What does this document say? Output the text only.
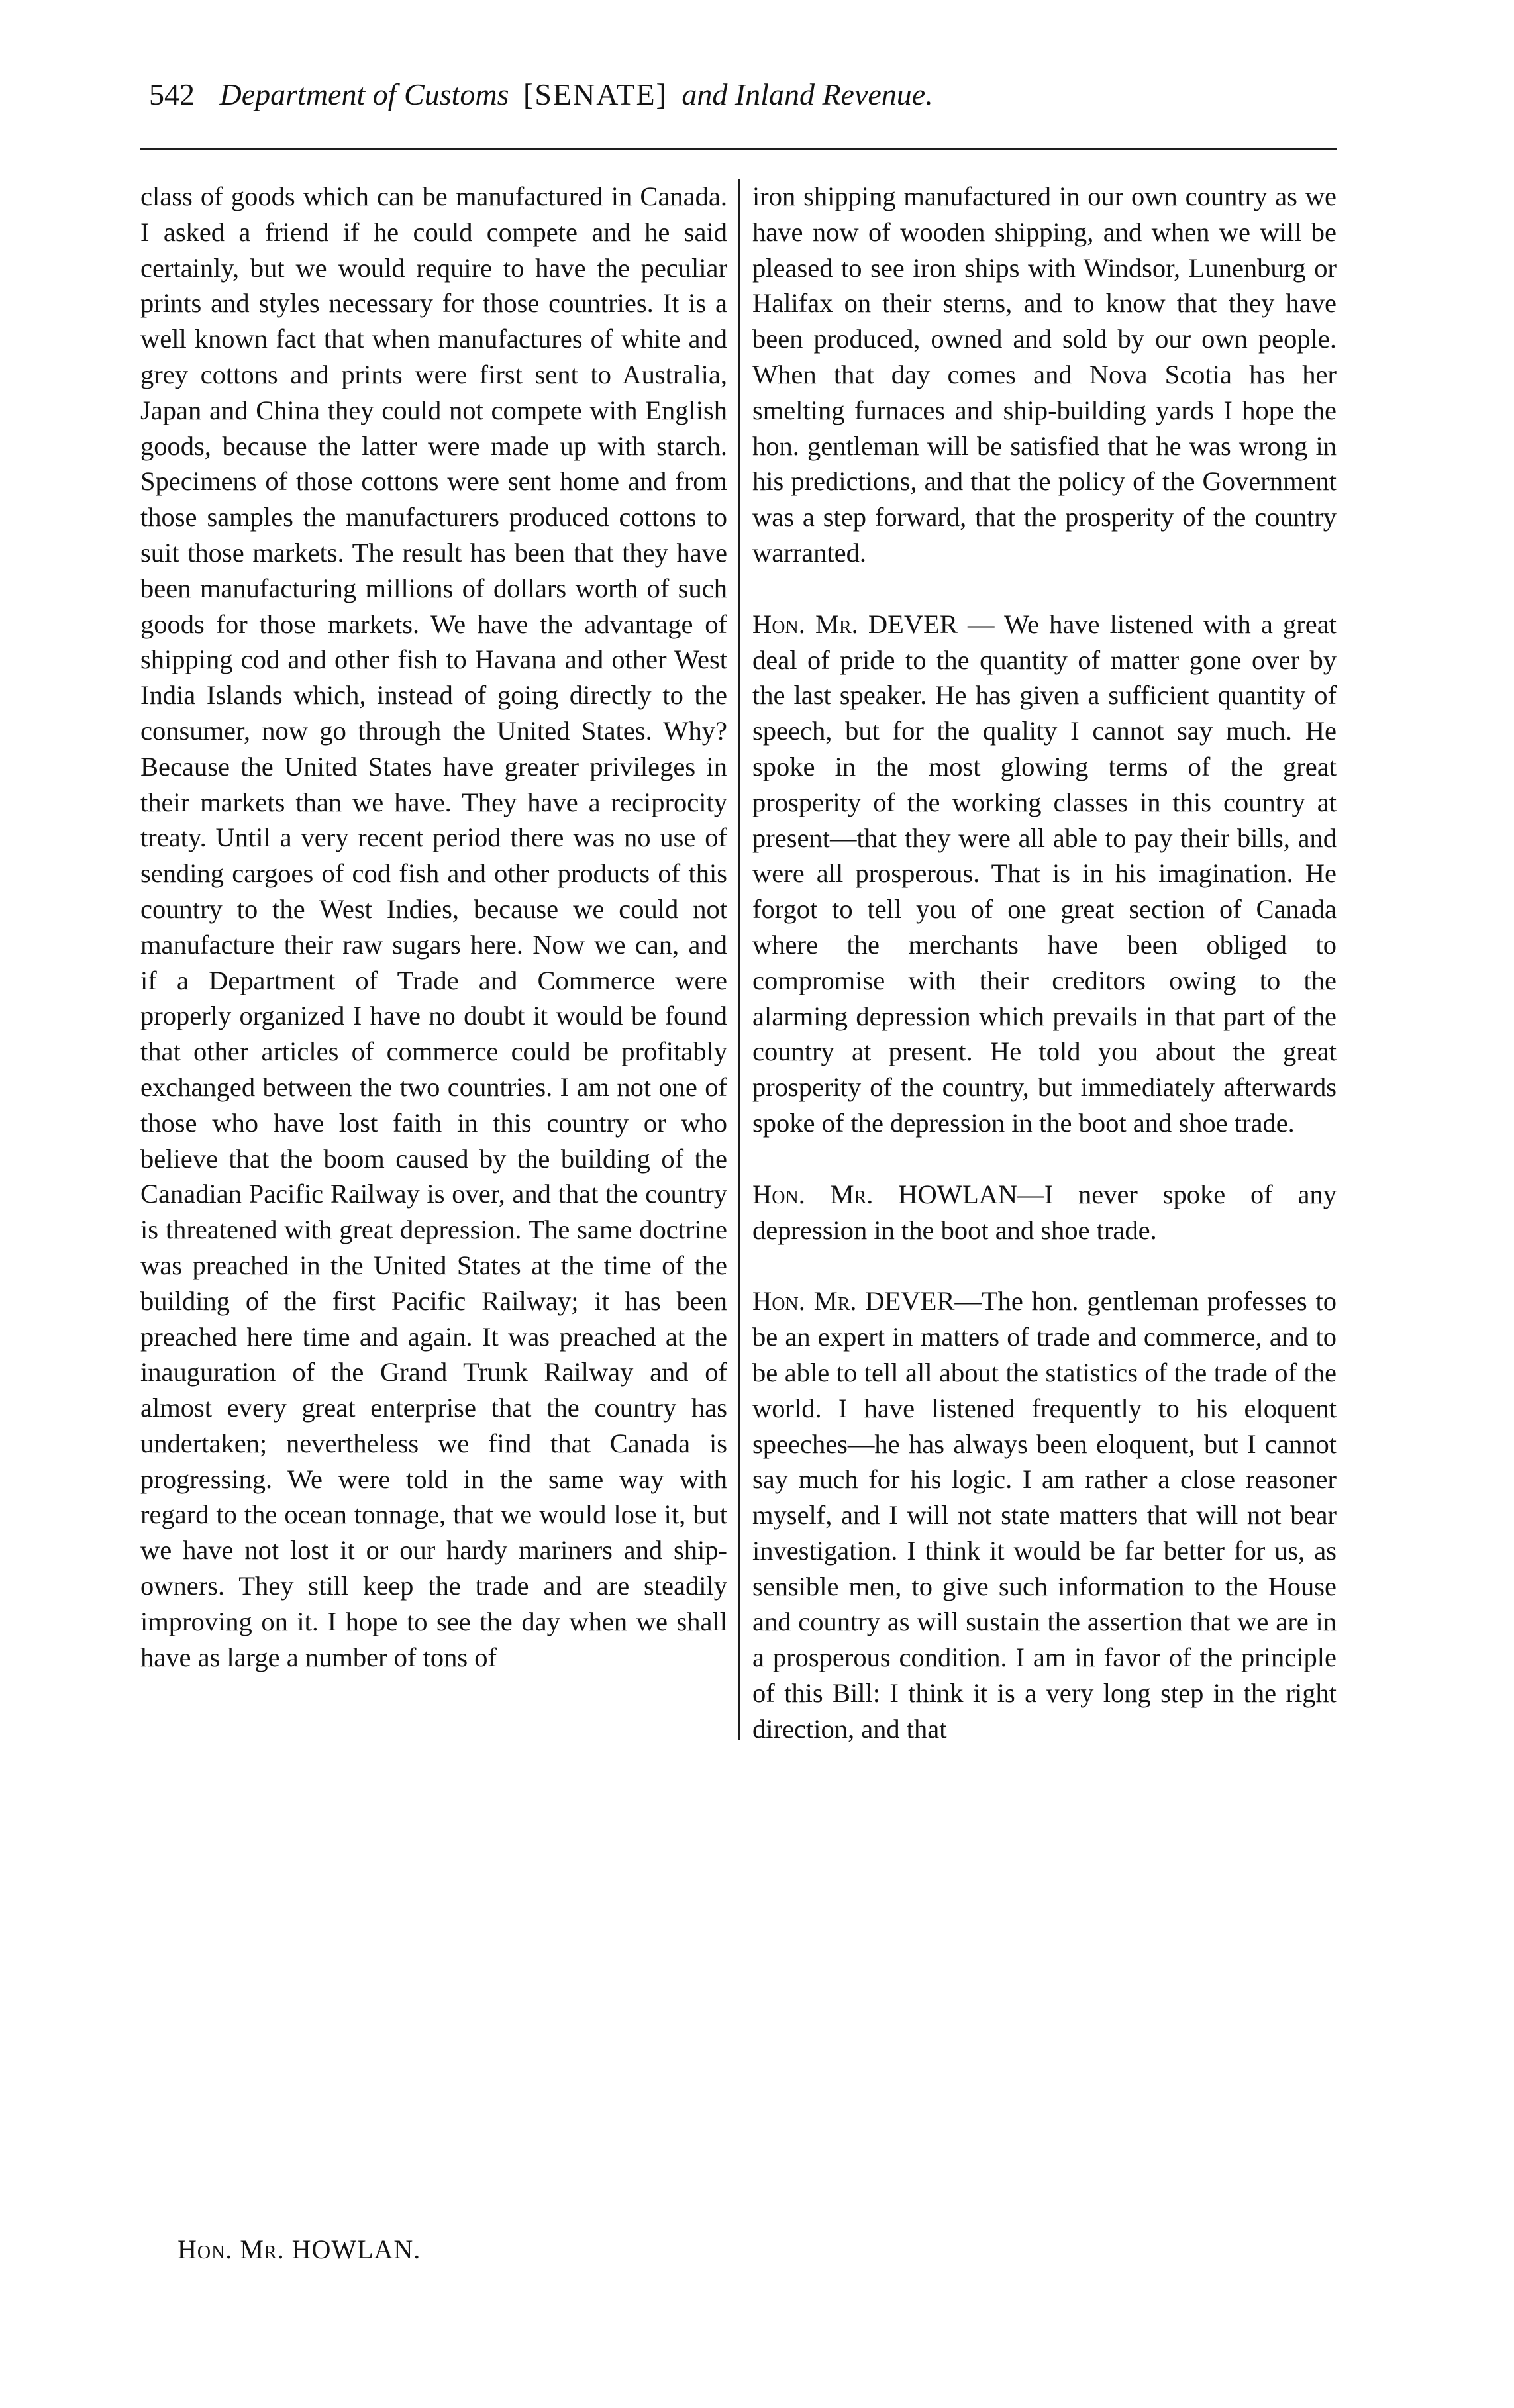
542 Department of Customs [SENATE] and Inland Revenue.

class of goods which can be manufactured in Canada. I asked a friend if he could compete and he said certainly, but we would require to have the peculiar prints and styles necessary for those countries. It is a well known fact that when manufactures of white and grey cottons and prints were first sent to Australia, Japan and China they could not compete with English goods, because the latter were made up with starch. Specimens of those cottons were sent home and from those samples the manufacturers produced cottons to suit those markets. The result has been that they have been manufacturing millions of dollars worth of such goods for those markets. We have the advantage of shipping cod and other fish to Havana and other West India Islands which, instead of going directly to the consumer, now go through the United States. Why? Because the United States have greater privileges in their markets than we have. They have a reciprocity treaty. Until a very recent period there was no use of sending cargoes of cod fish and other products of this country to the West Indies, because we could not manufacture their raw sugars here. Now we can, and if a Department of Trade and Commerce were properly organized I have no doubt it would be found that other articles of commerce could be profitably exchanged between the two countries. I am not one of those who have lost faith in this country or who believe that the boom caused by the building of the Canadian Pacific Railway is over, and that the country is threatened with great depression. The same doctrine was preached in the United States at the time of the building of the first Pacific Railway; it has been preached here time and again. It was preached at the inauguration of the Grand Trunk Railway and of almost every great enterprise that the country has undertaken; nevertheless we find that Canada is progressing. We were told in the same way with regard to the ocean tonnage, that we would lose it, but we have not lost it or our hardy mariners and ship-owners. They still keep the trade and are steadily improving on it. I hope to see the day when we shall have as large a number of tons of

iron shipping manufactured in our own country as we have now of wooden shipping, and when we will be pleased to see iron ships with Windsor, Lunenburg or Halifax on their sterns, and to know that they have been produced, owned and sold by our own people. When that day comes and Nova Scotia has her smelting furnaces and ship-building yards I hope the hon. gentleman will be satisfied that he was wrong in his predictions, and that the policy of the Government was a step forward, that the prosperity of the country warranted.

Hon. Mr. DEVER — We have listened with a great deal of pride to the quantity of matter gone over by the last speaker. He has given a sufficient quantity of speech, but for the quality I cannot say much. He spoke in the most glowing terms of the great prosperity of the working classes in this country at present—that they were all able to pay their bills, and were all prosperous. That is in his imagination. He forgot to tell you of one great section of Canada where the merchants have been obliged to compromise with their creditors owing to the alarming depression which prevails in that part of the country at present. He told you about the great prosperity of the country, but immediately afterwards spoke of the depression in the boot and shoe trade.

Hon. Mr. HOWLAN—I never spoke of any depression in the boot and shoe trade.

Hon. Mr. DEVER—The hon. gentleman professes to be an expert in matters of trade and commerce, and to be able to tell all about the statistics of the trade of the world. I have listened frequently to his eloquent speeches—he has always been eloquent, but I cannot say much for his logic. I am rather a close reasoner myself, and I will not state matters that will not bear investigation. I think it would be far better for us, as sensible men, to give such information to the House and country as will sustain the assertion that we are in a prosperous condition. I am in favor of the principle of this Bill: I think it is a very long step in the right direction, and that

Hon. Mr. HOWLAN.
